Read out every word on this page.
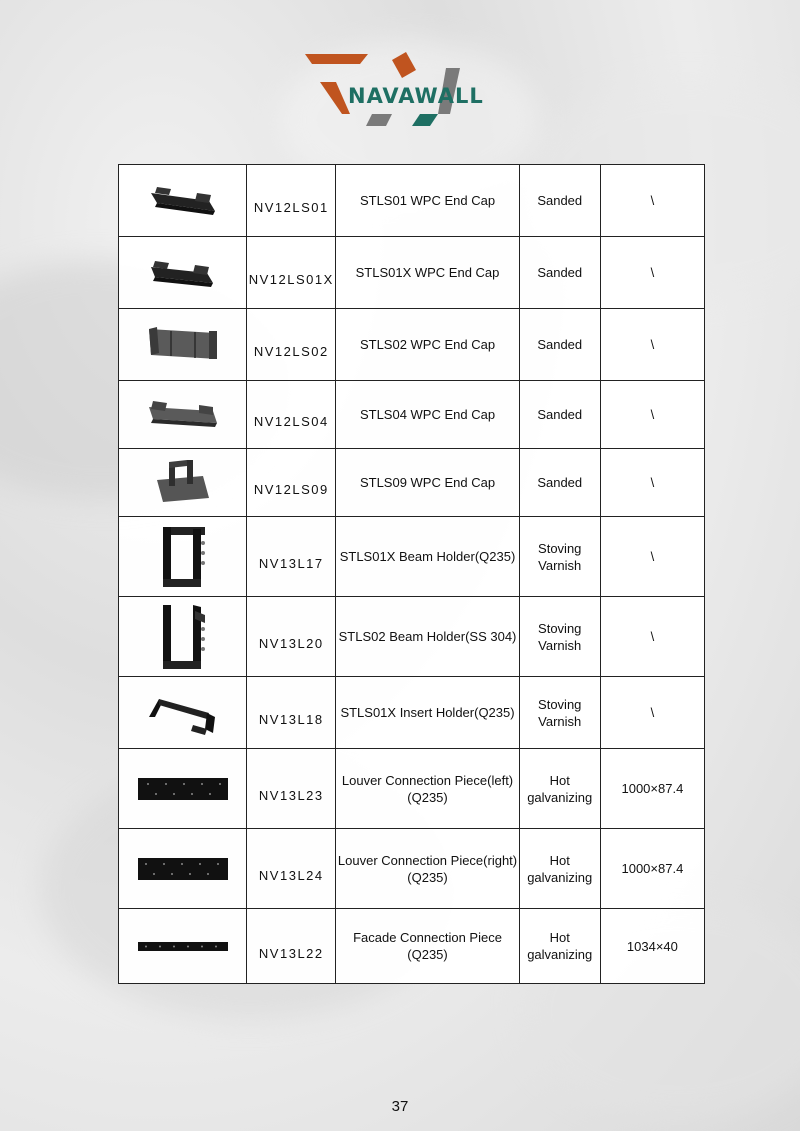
NAVAWALL
	NV12LS01	STLS01 WPC End Cap	Sanded	\

	NV12LS01X	STLS01X WPC End Cap	Sanded	\

	NV12LS02	STLS02 WPC End Cap	Sanded	\

	NV12LS04	STLS04 WPC End Cap	Sanded	\

	NV12LS09	STLS09 WPC End Cap	Sanded	\

	NV13L17	STLS01X Beam Holder(Q235)	Stoving Varnish	\

	NV13L20	STLS02 Beam Holder(SS 304)	Stoving Varnish	\

	NV13L18	STLS01X Insert Holder(Q235)	Stoving Varnish	\

	NV13L23	Louver Connection Piece(left) (Q235)	Hot galvanizing	1000×87.4

	NV13L24	Louver Connection Piece(right) (Q235)	Hot galvanizing	1000×87.4

	NV13L22	Facade Connection Piece (Q235)	Hot galvanizing	1034×40
37
